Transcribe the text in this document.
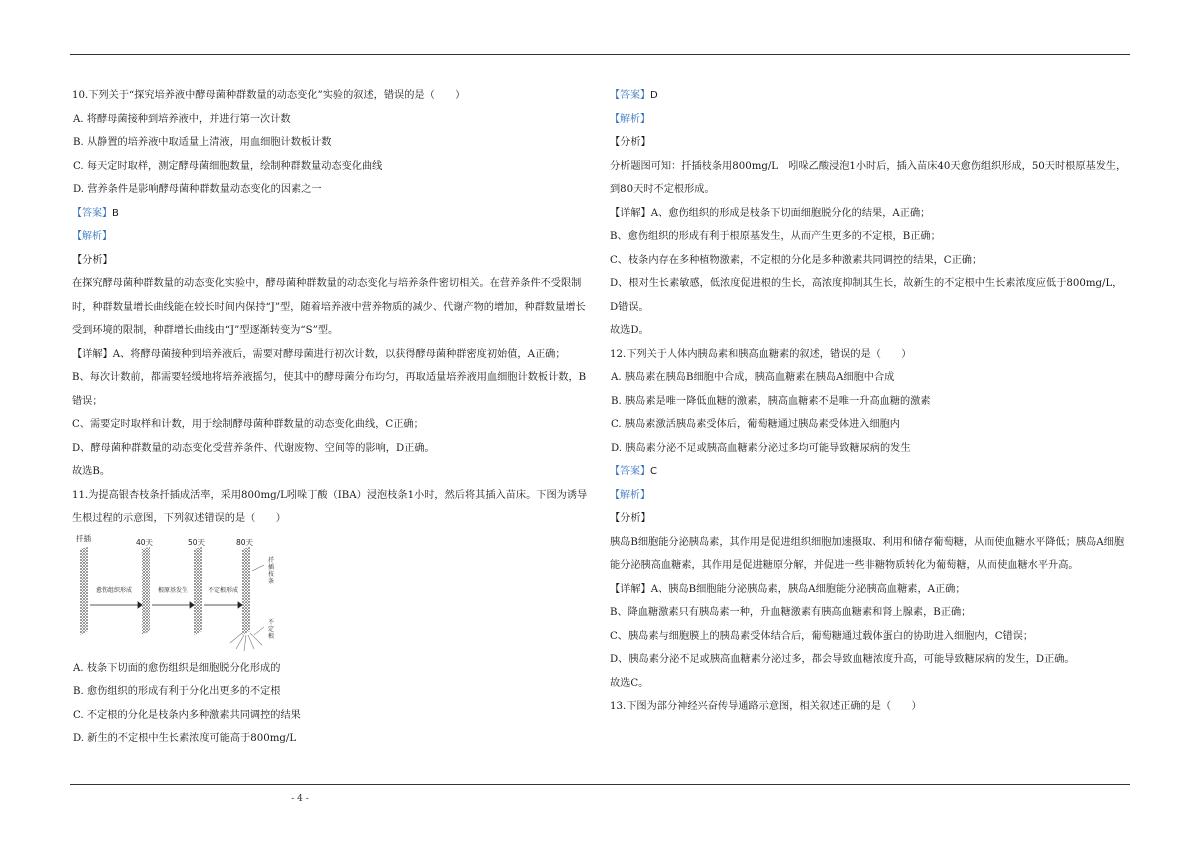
10.下列关于“探究培养液中酵母菌种群数量的动态变化”实验的叙述，错误的是（　　）
A. 将酵母菌接种到培养液中，并进行第一次计数
B. 从静置的培养液中取适量上清液，用血细胞计数板计数
C. 每天定时取样，测定酵母菌细胞数量，绘制种群数量动态变化曲线
D. 营养条件是影响酵母菌种群数量动态变化的因素之一
【答案】B
【解析】
【分析】
在探究酵母菌种群数量的动态变化实验中，酵母菌种群数量的动态变化与培养条件密切相关。在营养条件不受限制时，种群数量增长曲线能在较长时间内保持“J”型，随着培养液中营养物质的减少、代谢产物的增加，种群数量增长受到环境的限制，种群增长曲线由“J”型逐渐转变为“S”型。
【详解】A、将酵母菌接种到培养液后，需要对酵母菌进行初次计数，以获得酵母菌种群密度初始值，A正确；
B、每次计数前，都需要轻缓地将培养液摇匀，使其中的酵母菌分布均匀，再取适量培养液用血细胞计数板计数，B错误；
C、需要定时取样和计数，用于绘制酵母菌种群数量的动态变化曲线，C正确；
D、酵母菌种群数量的动态变化受营养条件、代谢废物、空间等的影响，D正确。
故选B。
11.为提高银杏枝条扦插成活率，采用800mg/L吲哚丁酸（IBA）浸泡枝条1小时，然后将其插入苗床。下图为诱导生根过程的示意图，下列叙述错误的是（　　）
扦插	40天	50天	80天
愈伤组织形成	根原基发生	不定根形成
扦插枝条
不定根
A. 枝条下切面的愈伤组织是细胞脱分化形成的
B. 愈伤组织的形成有利于分化出更多的不定根
C. 不定根的分化是枝条内多种激素共同调控的结果
D. 新生的不定根中生长素浓度可能高于800mg/L
【答案】D
【解析】
【分析】
分析题图可知：扦插枝条用800mg/L　吲哚乙酸浸泡1小时后，插入苗床40天愈伤组织形成，50天时根原基发生，到80天时不定根形成。
【详解】A、愈伤组织的形成是枝条下切面细胞脱分化的结果，A正确；
B、愈伤组织的形成有利于根原基发生，从而产生更多的不定根，B正确；
C、枝条内存在多种植物激素，不定根的分化是多种激素共同调控的结果，C正确；
D、根对生长素敏感，低浓度促进根的生长，高浓度抑制其生长，故新生的不定根中生长素浓度应低于800mg/L，D错误。
故选D。
12.下列关于人体内胰岛素和胰高血糖素的叙述，错误的是（　　）
A. 胰岛素在胰岛B细胞中合成，胰高血糖素在胰岛A细胞中合成
B. 胰岛素是唯一降低血糖的激素，胰高血糖素不是唯一升高血糖的激素
C. 胰岛素激活胰岛素受体后，葡萄糖通过胰岛素受体进入细胞内
D. 胰岛素分泌不足或胰高血糖素分泌过多均可能导致糖尿病的发生
【答案】C
【解析】
【分析】
胰岛B细胞能分泌胰岛素，其作用是促进组织细胞加速摄取、利用和储存葡萄糖，从而使血糖水平降低；胰岛A细胞能分泌胰高血糖素，其作用是促进糖原分解，并促进一些非糖物质转化为葡萄糖，从而使血糖水平升高。
【详解】A、胰岛B细胞能分泌胰岛素，胰岛A细胞能分泌胰高血糖素，A正确；
B、降血糖激素只有胰岛素一种，升血糖激素有胰高血糖素和肾上腺素，B正确；
C、胰岛素与细胞膜上的胰岛素受体结合后，葡萄糖通过载体蛋白的协助进入细胞内，C错误；
D、胰岛素分泌不足或胰高血糖素分泌过多，都会导致血糖浓度升高，可能导致糖尿病的发生，D正确。
故选C。
13.下图为部分神经兴奋传导通路示意图，相关叙述正确的是（　　）
- 4 -
